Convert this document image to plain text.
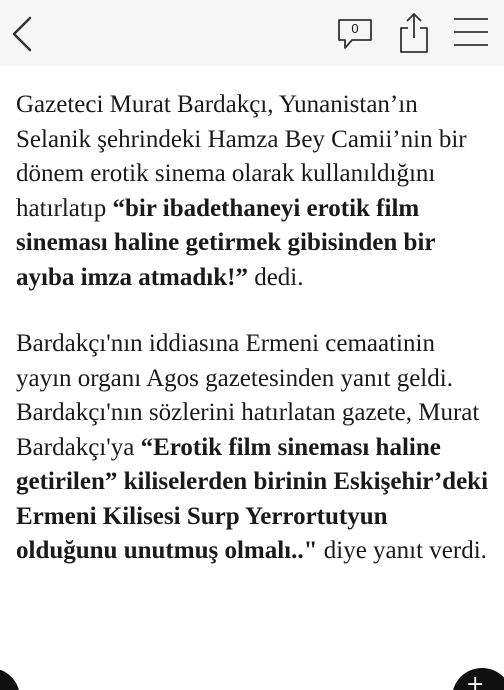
0

Gazeteci Murat Bardakçı, Yunanistan’ın Selanik şehrindeki Hamza Bey Camii’nin bir dönem erotik sinema olarak kullanıldığını hatırlatıp “bir ibadethaneyi erotik film sineması haline getirmek gibisinden bir ayıba imza atmadık!” dedi.

Bardakçı'nın iddiasına Ermeni cemaatinin yayın organı Agos gazetesinden yanıt geldi. Bardakçı'nın sözlerini hatırlatan gazete, Murat Bardakçı'ya “Erotik film sineması haline getirilen” kiliselerden birinin Eskişehir’deki Ermeni Kilisesi Surp Yerrortutyun olduğunu unutmuş olmalı.." diye yanıt verdi.

+
